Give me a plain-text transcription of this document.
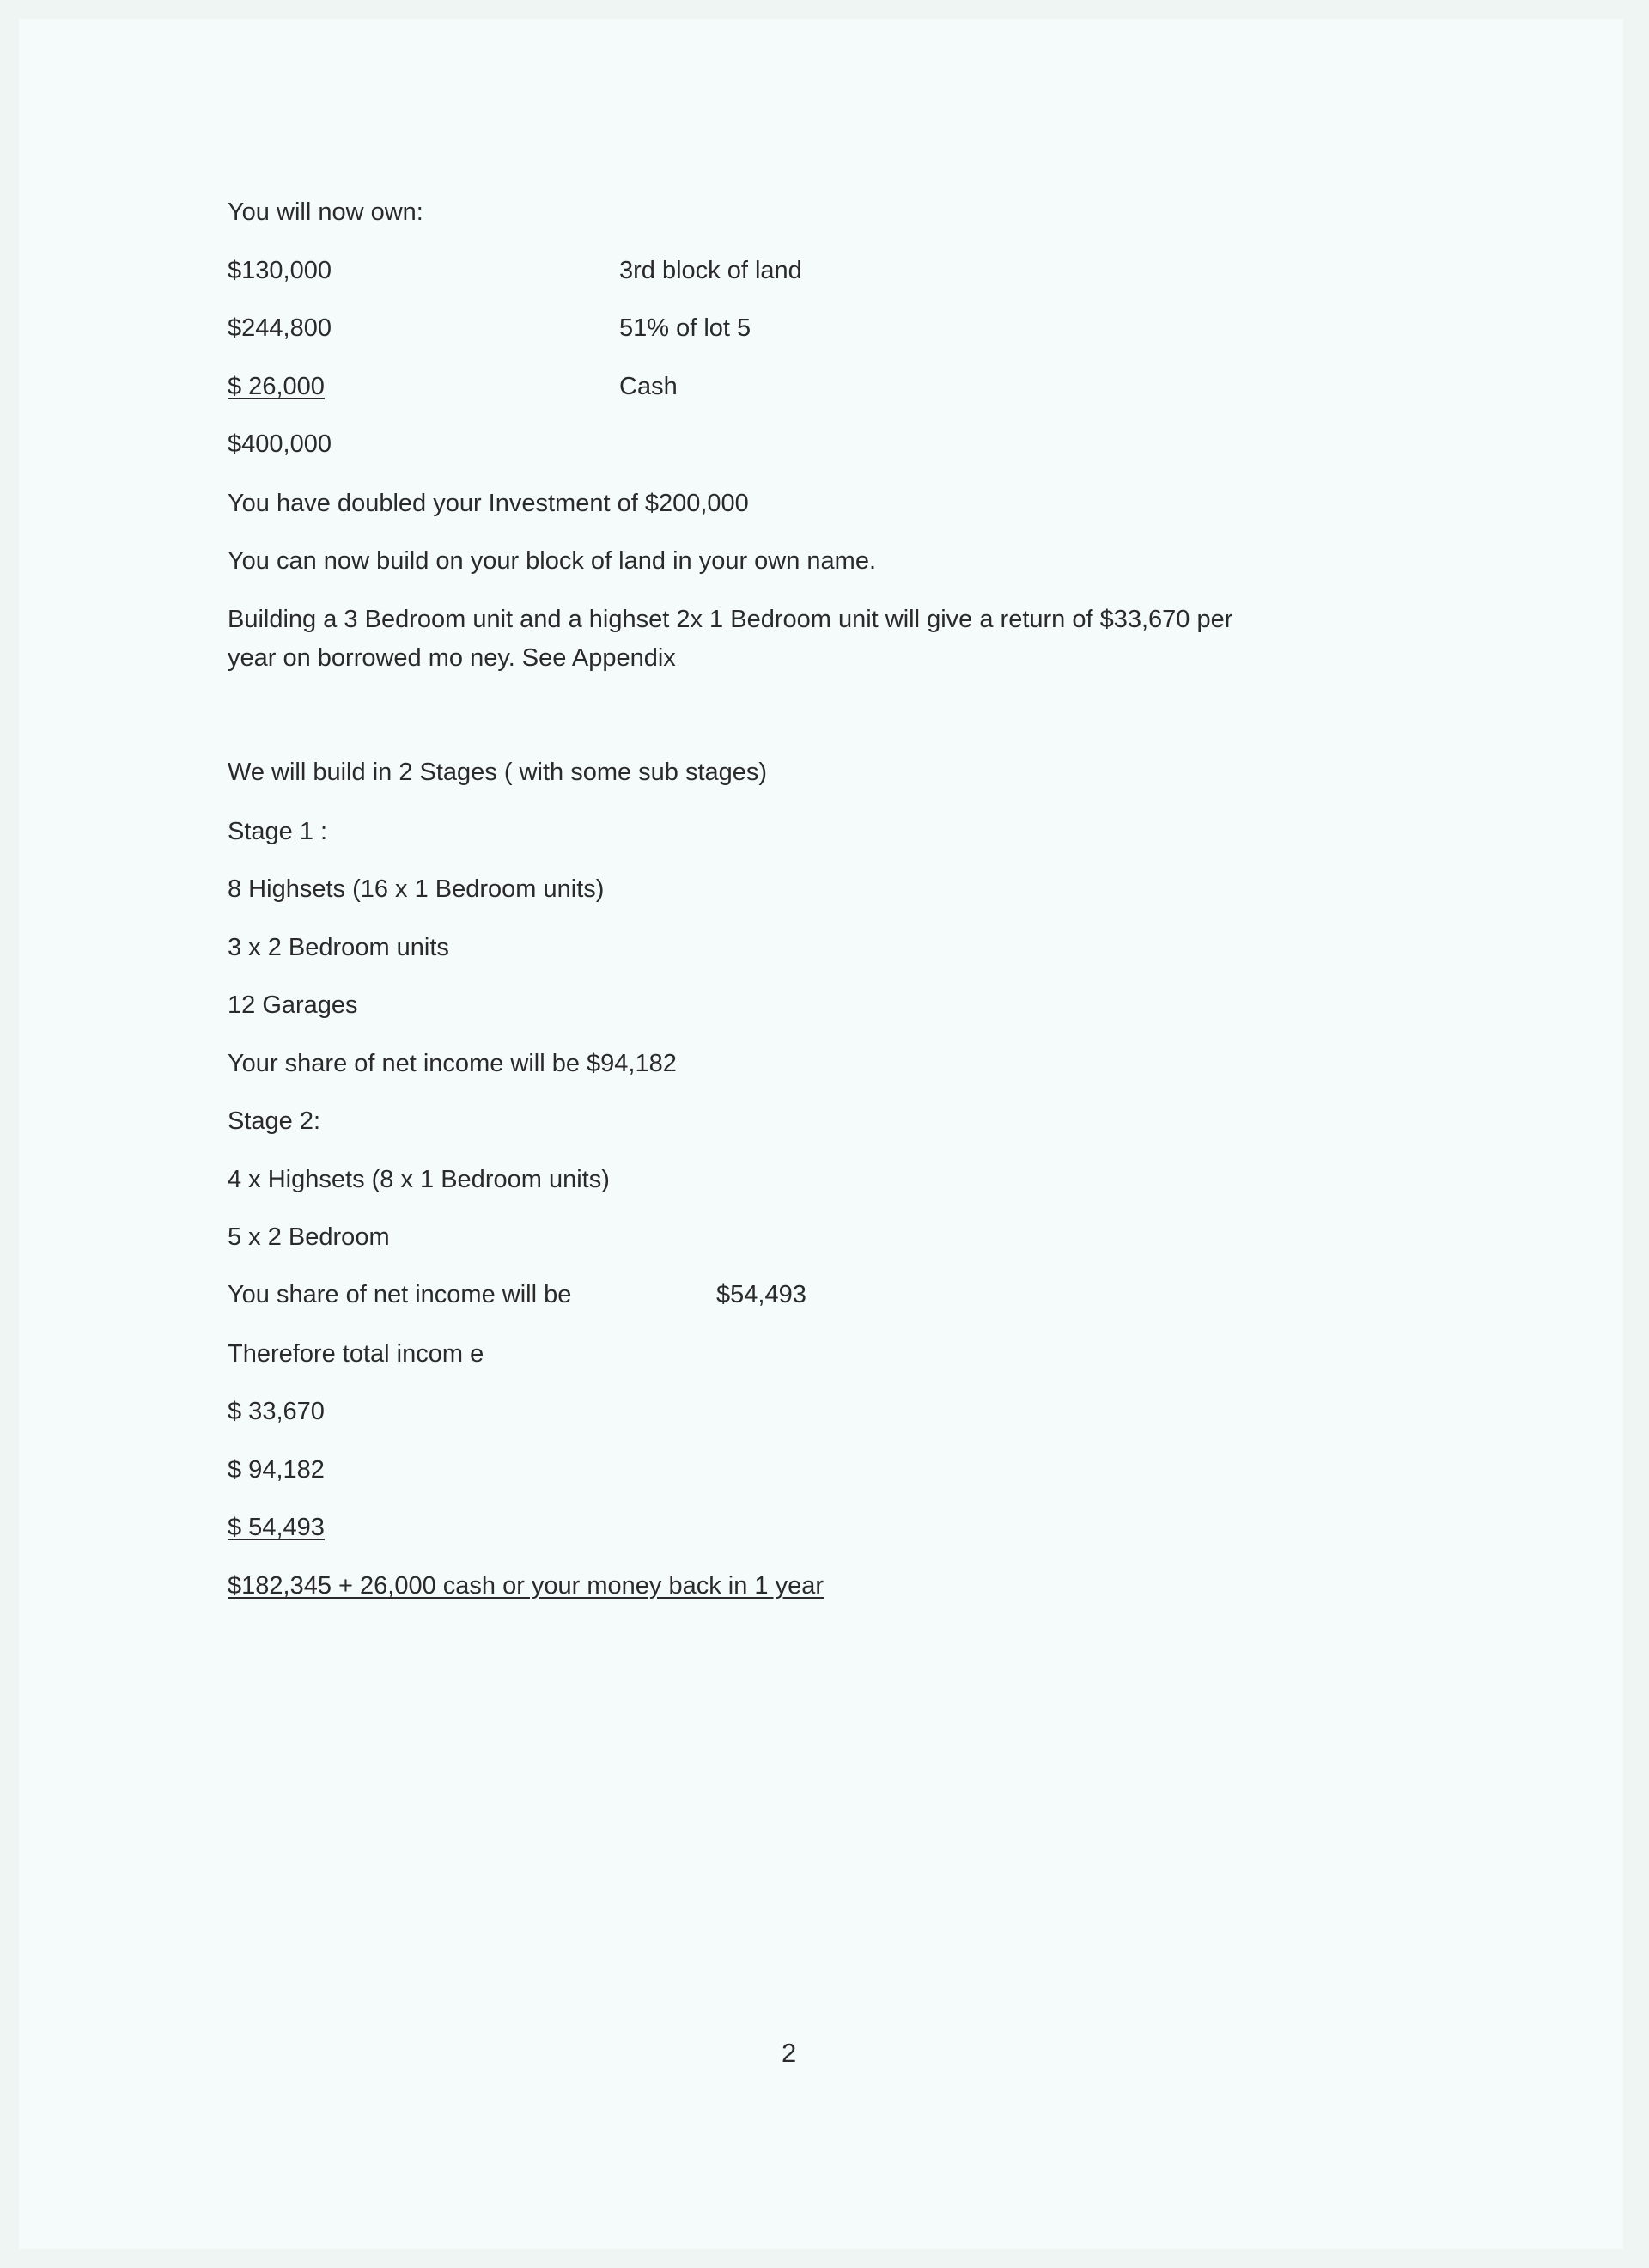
You will now own:
$130,000	3rd block of land
$244,800	51% of lot 5
$ 26,000	Cash
$400,000
You have doubled your Investment of $200,000
You can now build on your block of land in your own name.
Building a 3 Bedroom unit and a highset 2x 1 Bedroom unit will give a return of $33,670 per
year on borrowed mo ney. See Appendix
We will build in 2 Stages ( with some sub stages)
Stage 1 :
8 Highsets (16 x 1 Bedroom units)
3 x 2 Bedroom units
12 Garages
Your share of net income will be $94,182
Stage 2:
4 x Highsets (8 x 1 Bedroom units)
5 x 2 Bedroom
You share of net income will be	$54,493
Therefore total incom e
$ 33,670
$ 94,182
$ 54,493
$182,345 + 26,000 cash or your money back in 1 year
2
